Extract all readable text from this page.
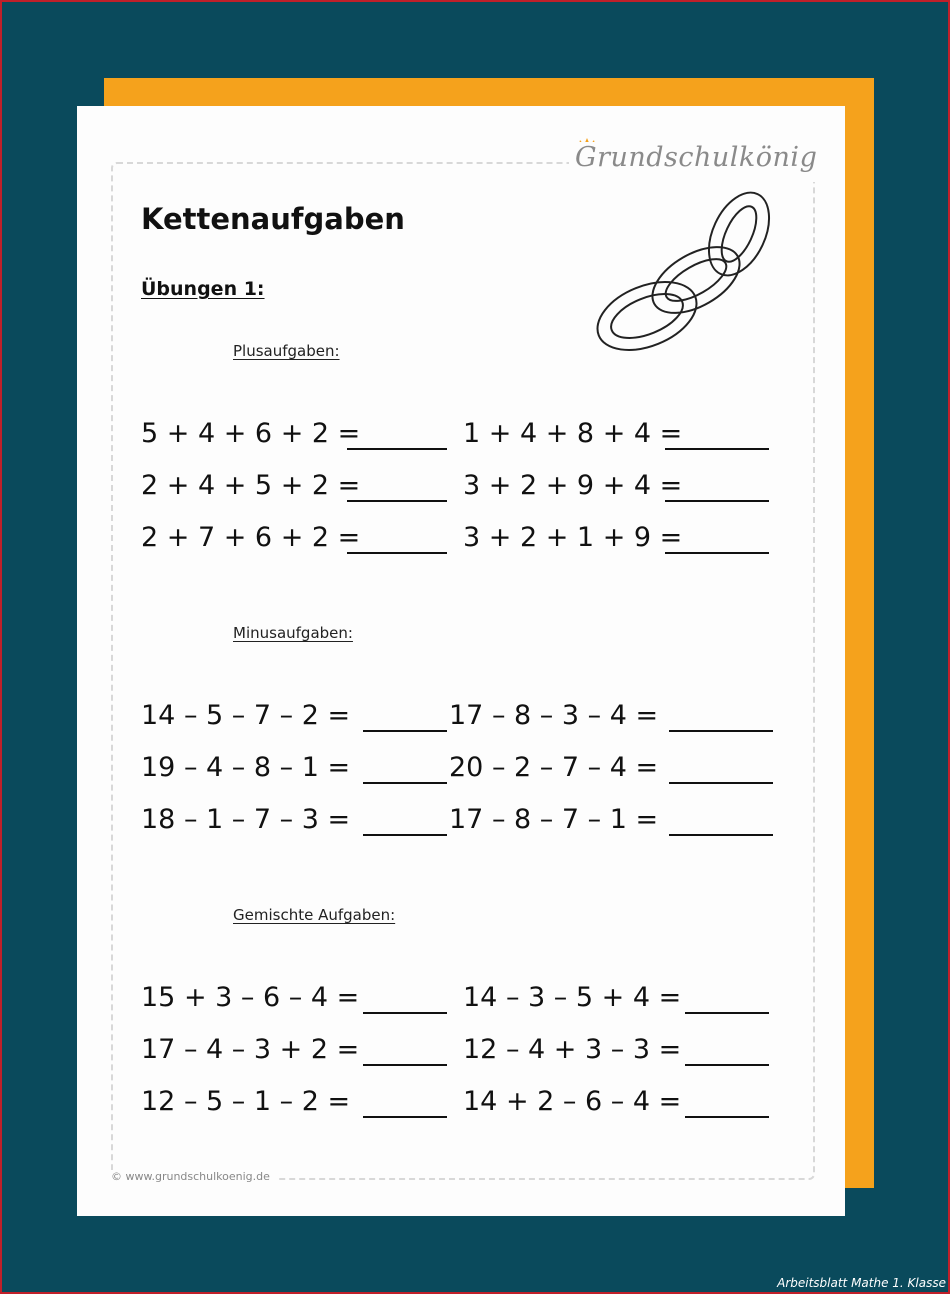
Grundschulkönig
Kettenaufgaben
Übungen 1:
Plusaufgaben:
5 + 4 + 6 + 2 =	1 + 4 + 8 + 4 =
2 + 4 + 5 + 2 =	3 + 2 + 9 + 4 =
2 + 7 + 6 + 2 =	3 + 2 + 1 + 9 =
Minusaufgaben:
14 – 5 – 7 – 2 =	17 – 8 – 3 – 4 =
19 – 4 – 8 – 1 =	20 – 2 – 7 – 4 =
18 – 1 – 7 – 3 =	17 – 8 – 7 – 1 =
Gemischte Aufgaben:
15 + 3 – 6 – 4 =	14 – 3 – 5 + 4 =
17 – 4 – 3 + 2 =	12 – 4 + 3 – 3 =
12 – 5 – 1 – 2 =	14 + 2 – 6 – 4 =
© www.grundschulkoenig.de
Arbeitsblatt Mathe 1. Klasse
